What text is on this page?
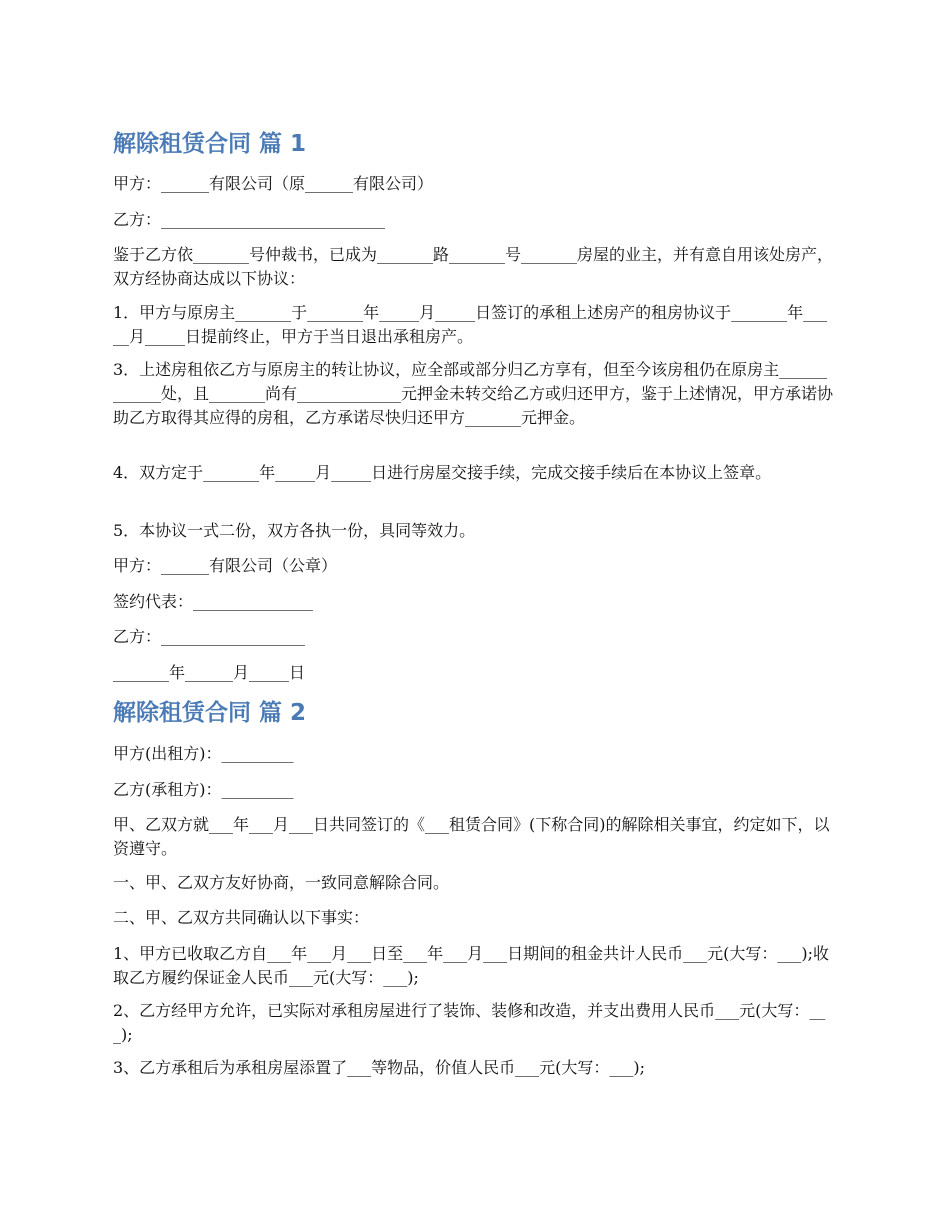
解除租赁合同 篇 1

甲方：______有限公司（原______有限公司）

乙方：____________________________

鉴于乙方依_______号仲裁书，已成为_______路_______号_______房屋的业主，并有意自用该处房产，双方经协商达成以下协议：

1．甲方与原房主_______于_______年_____月_____日签订的承租上述房产的租房协议于_______年_____月_____日提前终止，甲方于当日退出承租房产。

3．上述房租依乙方与原房主的转让协议，应全部或部分归乙方享有，但至今该房租仍在原房主____________处，且_______尚有_____________元押金未转交给乙方或归还甲方，鉴于上述情况，甲方承诺协助乙方取得其应得的房租，乙方承诺尽快归还甲方_______元押金。

4．双方定于_______年_____月_____日进行房屋交接手续，完成交接手续后在本协议上签章。

5．本协议一式二份，双方各执一份，具同等效力。

甲方：______有限公司（公章）

签约代表：_______________

乙方：__________________

_______年______月_____日

解除租赁合同 篇 2

甲方(出租方)：_________

乙方(承租方)：_________

甲、乙双方就___年___月___日共同签订的《___租赁合同》(下称合同)的解除相关事宜，约定如下，以资遵守。

一、甲、乙双方友好协商，一致同意解除合同。

二、甲、乙双方共同确认以下事实：

1、甲方已收取乙方自___年___月___日至___年___月___日期间的租金共计人民币___元(大写：___);收取乙方履约保证金人民币___元(大写：___);

2、乙方经甲方允许，已实际对承租房屋进行了装饰、装修和改造，并支出费用人民币___元(大写：___);

3、乙方承租后为承租房屋添置了___等物品，价值人民币___元(大写：___);
